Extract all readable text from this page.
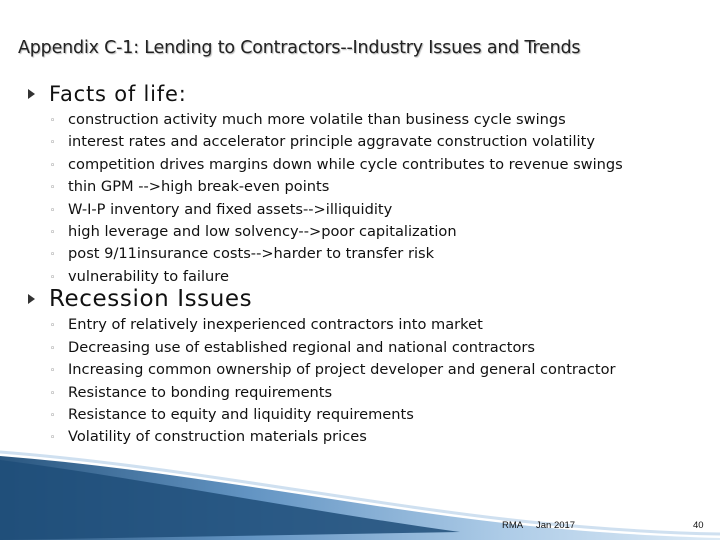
Appendix C-1: Lending to Contractors--Industry Issues and Trends
Facts of life:
◦ construction activity much more volatile than business cycle swings
◦ interest rates and accelerator principle aggravate construction volatility
◦ competition drives margins down while cycle contributes to revenue swings
◦ thin GPM -->high break-even points
◦ W-I-P inventory and fixed assets-->illiquidity
◦ high leverage and low solvency-->poor capitalization
◦ post 9/11insurance costs-->harder to transfer risk
◦ vulnerability to failure
Recession Issues
◦ Entry of relatively inexperienced contractors into market
◦ Decreasing use of established regional and national contractors
◦ Increasing common ownership of project developer and general contractor
◦ Resistance to bonding requirements
◦ Resistance to equity and liquidity requirements
◦ Volatility of construction materials prices
RMA Jan 2017	40
